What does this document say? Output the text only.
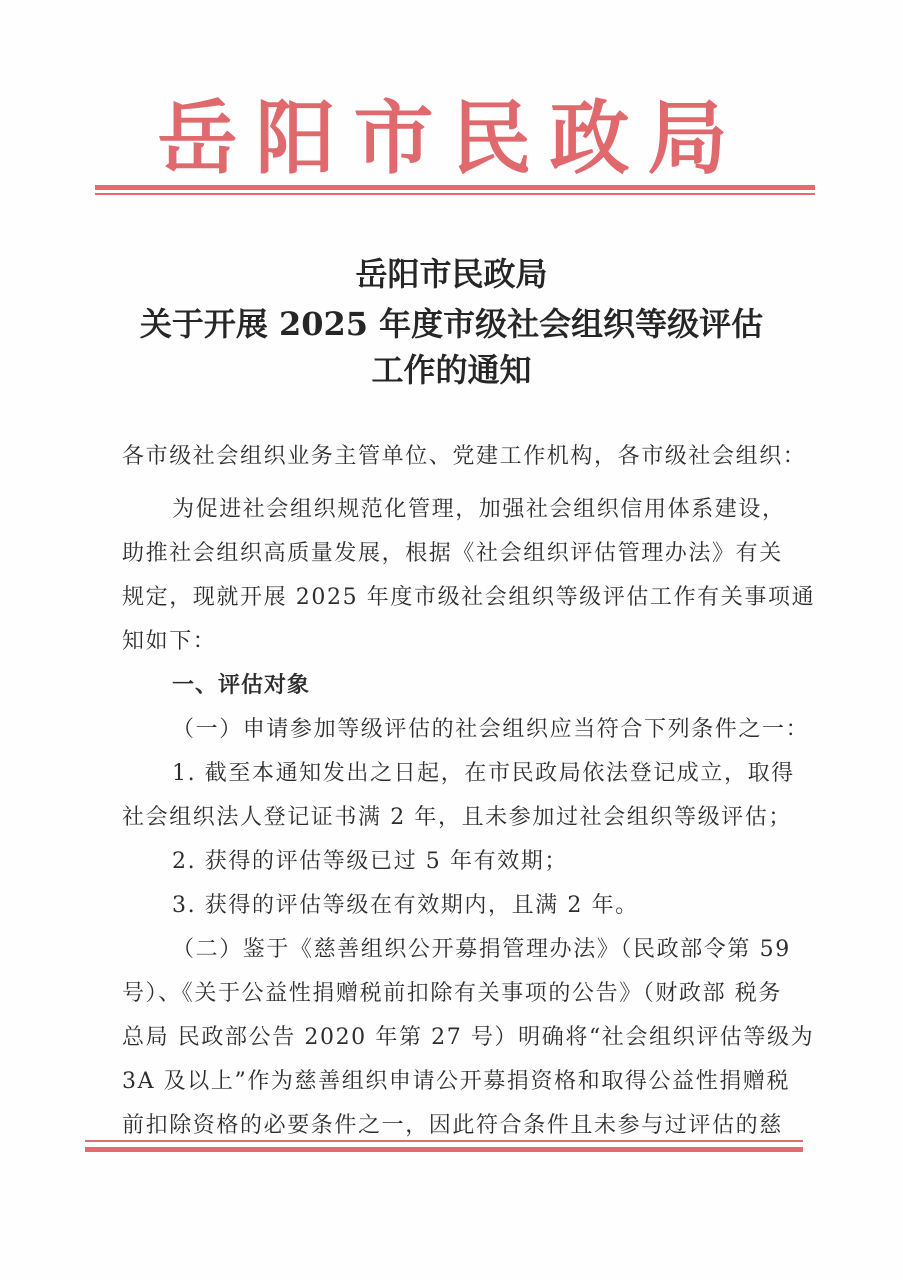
岳阳市民政局
岳阳市民政局
关于开展 2025 年度市级社会组织等级评估
工作的通知
各市级社会组织业务主管单位、党建工作机构，各市级社会组织：
为促进社会组织规范化管理，加强社会组织信用体系建设，
助推社会组织高质量发展，根据《社会组织评估管理办法》有关
规定，现就开展 2025 年度市级社会组织等级评估工作有关事项通
知如下：
一、评估对象
（一）申请参加等级评估的社会组织应当符合下列条件之一：
1. 截至本通知发出之日起，在市民政局依法登记成立，取得
社会组织法人登记证书满 2 年，且未参加过社会组织等级评估；
2. 获得的评估等级已过 5 年有效期；
3. 获得的评估等级在有效期内，且满 2 年。
（二）鉴于《慈善组织公开募捐管理办法》（民政部令第 59
号）、《关于公益性捐赠税前扣除有关事项的公告》（财政部 税务
总局 民政部公告 2020 年第 27 号）明确将“社会组织评估等级为
3A 及以上”作为慈善组织申请公开募捐资格和取得公益性捐赠税
前扣除资格的必要条件之一，因此符合条件且未参与过评估的慈
